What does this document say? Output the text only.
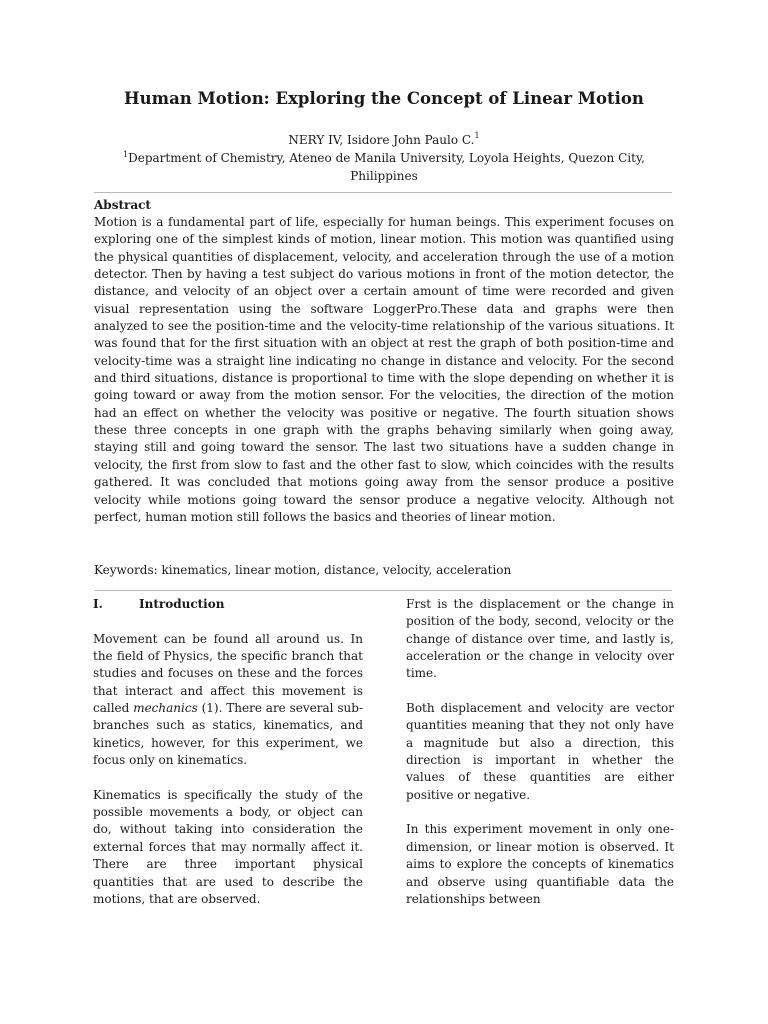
Human Motion: Exploring the Concept of Linear Motion
NERY IV, Isidore John Paulo C.$^1$
$^1$Department of Chemistry, Ateneo de Manila University, Loyola Heights, Quezon City, Philippines
Abstract

Motion is a fundamental part of life, especially for human beings. This experiment focuses on exploring one of the simplest kinds of motion, linear motion. This motion was quantified using the physical quantities of displacement, velocity, and acceleration through the use of a motion detector. Then by having a test subject do various motions in front of the motion detector, the distance, and velocity of an object over a certain amount of time were recorded and given visual representation using the software LoggerPro.These data and graphs were then analyzed to see the position-time and the velocity-time relationship of the various situations. It was found that for the first situation with an object at rest the graph of both position-time and velocity-time was a straight line indicating no change in distance and velocity. For the second and third situations, distance is proportional to time with the slope depending on whether it is going toward or away from the motion sensor. For the velocities, the direction of the motion had an effect on whether the velocity was positive or negative. The fourth situation shows these three concepts in one graph with the graphs behaving similarly when going away, staying still and going toward the sensor. The last two situations have a sudden change in velocity, the first from slow to fast and the other fast to slow, which coincides with the results gathered. It was concluded that motions going away from the sensor produce a positive velocity while motions going toward the sensor produce a negative velocity. Although not perfect, human motion still follows the basics and theories of linear motion.

Keywords: kinematics, linear motion, distance, velocity, acceleration
I.	Introduction

Movement can be found all around us. In the field of Physics, the specific branch that studies and focuses on these and the forces that interact and affect this movement is called mechanics (1). There are several sub-branches such as statics, kinematics, and kinetics, however, for this experiment, we focus only on kinematics.

Kinematics is specifically the study of the possible movements a body, or object can do, without taking into consideration the external forces that may normally affect it. There are three important physical quantities that are used to describe the motions, that are observed.

Frst is the displacement or the change in position of the body, second, velocity or the change of distance over time, and lastly is, acceleration or the change in velocity over time.

Both displacement and velocity are vector quantities meaning that they not only have a magnitude but also a direction, this direction is important in whether the values of these quantities are either positive or negative.

In this experiment movement in only one-dimension, or linear motion is observed. It aims to explore the concepts of kinematics and observe using quantifiable data the relationships between
